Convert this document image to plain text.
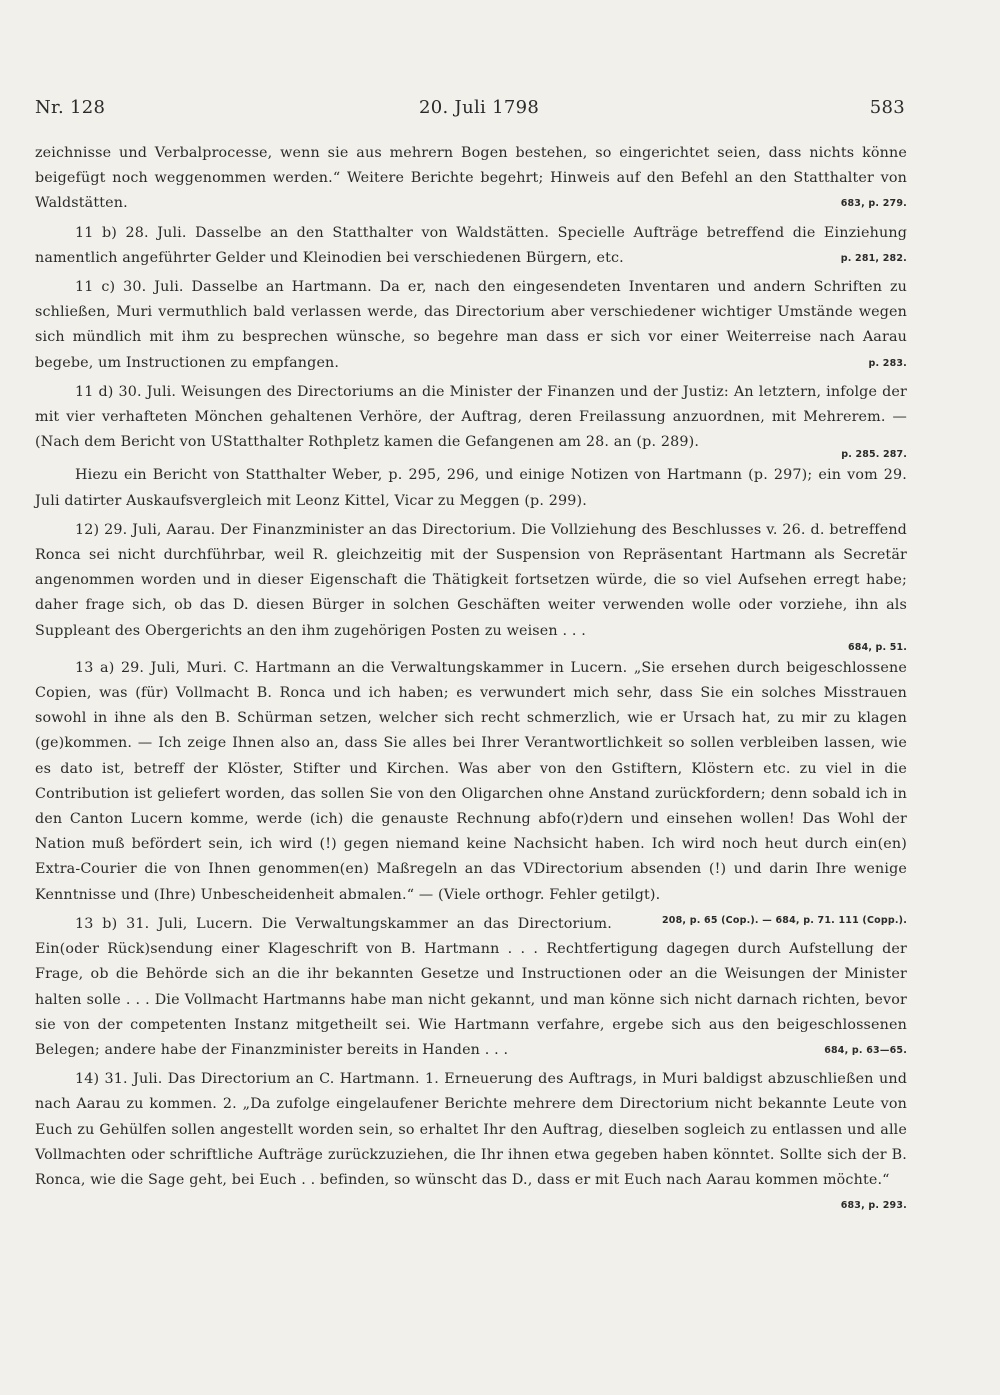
Nr. 128	20. Juli 1798	583

zeichnisse und Verbalprocesse, wenn sie aus mehrern Bogen bestehen, so eingerichtet seien, dass nichts könne beigefügt noch weggenommen werden.“ Weitere Berichte begehrt; Hinweis auf den Befehl an den Statthalter von Waldstätten.	683, p. 279.

11 b) 28. Juli. Dasselbe an den Statthalter von Waldstätten. Specielle Aufträge betreffend die Einziehung namentlich angeführter Gelder und Kleinodien bei verschiedenen Bürgern, etc.	p. 281, 282.

11 c) 30. Juli. Dasselbe an Hartmann. Da er, nach den eingesendeten Inventaren und andern Schriften zu schließen, Muri vermuthlich bald verlassen werde, das Directorium aber verschiedener wichtiger Umstände wegen sich mündlich mit ihm zu besprechen wünsche, so begehre man dass er sich vor einer Weiterreise nach Aarau begebe, um Instructionen zu empfangen.	p. 283.

11 d) 30. Juli. Weisungen des Directoriums an die Minister der Finanzen und der Justiz: An letztern, infolge der mit vier verhafteten Mönchen gehaltenen Verhöre, der Auftrag, deren Freilassung anzuordnen, mit Mehrerem. — (Nach dem Bericht von UStatthalter Rothpletz kamen die Gefangenen am 28. an (p. 289).

p. 285. 287.

Hiezu ein Bericht von Statthalter Weber, p. 295, 296, und einige Notizen von Hartmann (p. 297); ein vom 29. Juli datirter Auskaufsvergleich mit Leonz Kittel, Vicar zu Meggen (p. 299).

12) 29. Juli, Aarau. Der Finanzminister an das Directorium. Die Vollziehung des Beschlusses v. 26. d. betreffend Ronca sei nicht durchführbar, weil R. gleichzeitig mit der Suspension von Repräsentant Hartmann als Secretär angenommen worden und in dieser Eigenschaft die Thätigkeit fortsetzen würde, die so viel Aufsehen erregt habe; daher frage sich, ob das D. diesen Bürger in solchen Geschäften weiter verwenden wolle oder vorziehe, ihn als Suppleant des Obergerichts an den ihm zugehörigen Posten zu weisen . . .

684, p. 51.

13 a) 29. Juli, Muri. C. Hartmann an die Verwaltungskammer in Lucern. „Sie ersehen durch beigeschlossene Copien, was (für) Vollmacht B. Ronca und ich haben; es verwundert mich sehr, dass Sie ein solches Misstrauen sowohl in ihne als den B. Schürman setzen, welcher sich recht schmerzlich, wie er Ursach hat, zu mir zu klagen (ge)kommen. — Ich zeige Ihnen also an, dass Sie alles bei Ihrer Verantwortlichkeit so sollen verbleiben lassen, wie es dato ist, betreff der Klöster, Stifter und Kirchen. Was aber von den Gstiftern, Klöstern etc. zu viel in die Contribution ist geliefert worden, das sollen Sie von den Oligarchen ohne Anstand zurückfordern; denn sobald ich in den Canton Lucern komme, werde (ich) die genauste Rechnung abfo(r)dern und einsehen wollen! Das Wohl der Nation muß befördert sein, ich wird (!) gegen niemand keine Nachsicht haben. Ich wird noch heut durch ein(en) Extra-Courier die von Ihnen genommen(en) Maßregeln an das VDirectorium absenden (!) und darin Ihre wenige Kenntnisse und (Ihre) Unbescheidenheit abmalen.“ — (Viele orthogr. Fehler getilgt).
208, p. 65 (Cop.). — 684, p. 71. 111 (Copp.).

13 b) 31. Juli, Lucern. Die Verwaltungskammer an das Directorium. Ein(oder Rück)sendung einer Klageschrift von B. Hartmann . . . Rechtfertigung dagegen durch Aufstellung der Frage, ob die Behörde sich an die ihr bekannten Gesetze und Instructionen oder an die Weisungen der Minister halten solle . . . Die Vollmacht Hartmanns habe man nicht gekannt, und man könne sich nicht darnach richten, bevor sie von der competenten Instanz mitgetheilt sei. Wie Hartmann verfahre, ergebe sich aus den beigeschlossenen Belegen; andere habe der Finanzminister bereits in Handen . . .	684, p. 63—65.

14) 31. Juli. Das Directorium an C. Hartmann. 1. Erneuerung des Auftrags, in Muri baldigst abzuschließen und nach Aarau zu kommen. 2. „Da zufolge eingelaufener Berichte mehrere dem Directorium nicht bekannte Leute von Euch zu Gehülfen sollen angestellt worden sein, so erhaltet Ihr den Auftrag, dieselben sogleich zu entlassen und alle Vollmachten oder schriftliche Aufträge zurückzuziehen, die Ihr ihnen etwa gegeben haben könntet. Sollte sich der B. Ronca, wie die Sage geht, bei Euch . . befinden, so wünscht das D., dass er mit Euch nach Aarau kommen möchte.“
683, p. 293.
